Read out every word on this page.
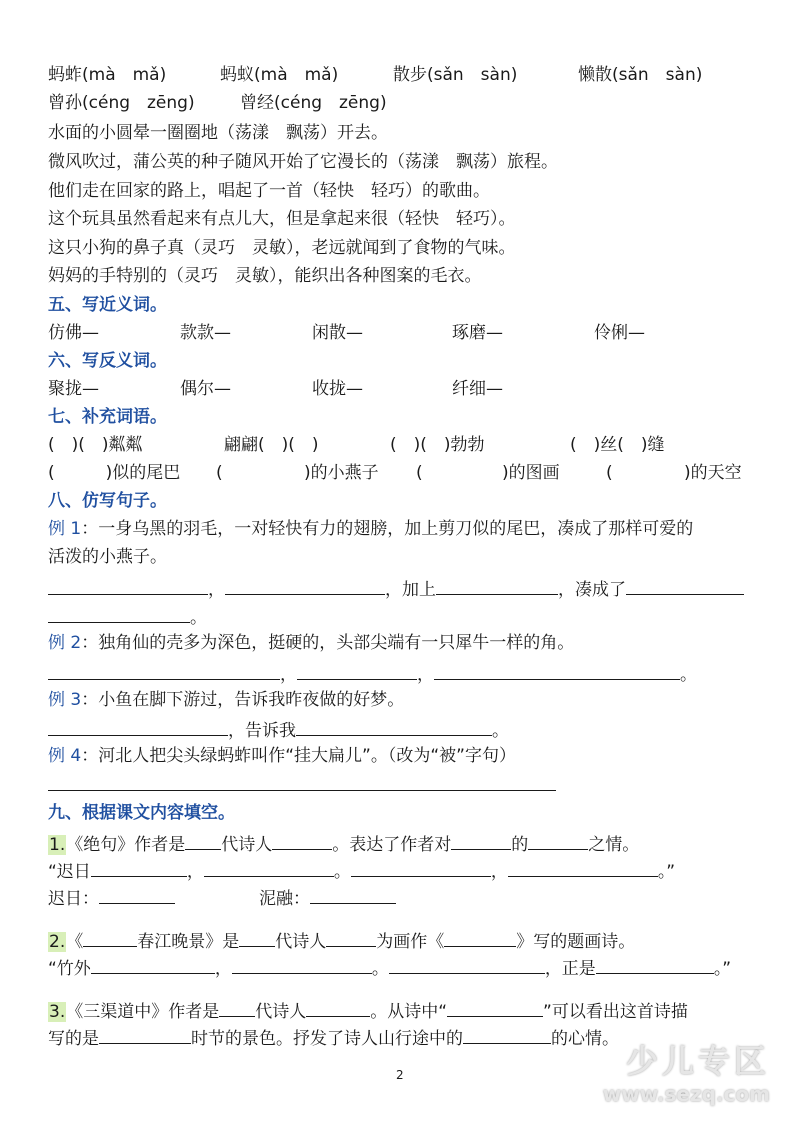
蚂蚱(mà　mǎ)	蚂蚁(mà　mǎ)	散步(sǎn　sàn)	懒散(sǎn　sàn)
曾孙(céng　zēng)	曾经(céng　zēng)
水面的小圆晕一圈圈地（荡漾　飘荡）开去。
微风吹过，蒲公英的种子随风开始了它漫长的（荡漾　飘荡）旅程。
他们走在回家的路上，唱起了一首（轻快　轻巧）的歌曲。
这个玩具虽然看起来有点儿大，但是拿起来很（轻快　轻巧）。
这只小狗的鼻子真（灵巧　灵敏），老远就闻到了食物的气味。
妈妈的手特别的（灵巧　灵敏），能织出各种图案的毛衣。
五、写近义词。
仿佛—	款款—	闲散—	琢磨—	伶俐—
六、写反义词。
聚拢—	偶尔—	收拢—	纤细—
七、补充词语。
(　)(　)粼粼	翩翩(　)(　)	(　)(　)勃勃	(　)丝(　)缝
(　　　)似的尾巴 (	)的小燕子 (	)的图画	(	)的天空
八、仿写句子。
例 1：一身乌黑的羽毛，一对轻快有力的翅膀，加上剪刀似的尾巴，凑成了那样可爱的
活泼的小燕子。
，	，加上	，凑成了
。
例 2：独角仙的壳多为深色，挺硬的，头部尖端有一只犀牛一样的角。
，	，	。
例 3：小鱼在脚下游过，告诉我昨夜做的好梦。
，告诉我	。
例 4：河北人把尖头绿蚂蚱叫作“挂大扁儿”。（改为“被”字句）
九、根据课文内容填空。
1.《绝句》作者是 代诗人	。表达了作者对	的	之情。
“迟日	，	。	，	。”
迟日：	泥融：
2.《	春江晚景》是 代诗人	为画作《	》写的题画诗。
“竹外	，	。	，正是	。”
3.《三渠道中》作者是 代诗人	。从诗中“	”可以看出这首诗描
写的是	时节的景色。抒发了诗人山行途中的	的心情。
2	少儿专区
www.sezq.com
